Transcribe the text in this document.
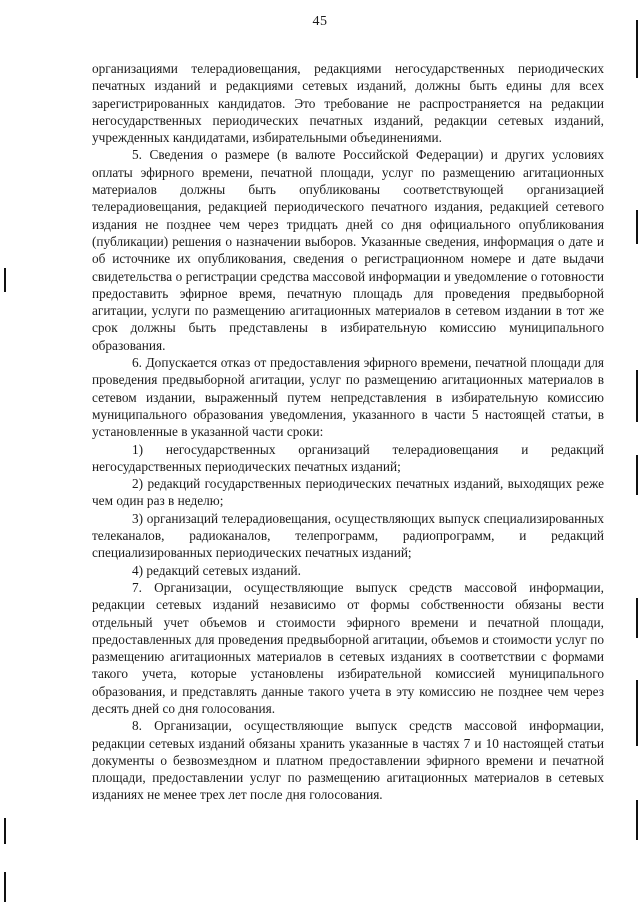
45

организациями телерадиовещания, редакциями негосударственных периодических печатных изданий и редакциями сетевых изданий, должны быть едины для всех зарегистрированных кандидатов. Это требование не распространяется на редакции негосударственных периодических печатных изданий, редакции сетевых изданий, учрежденных кандидатами, избирательными объединениями.

5. Сведения о размере (в валюте Российской Федерации) и других условиях оплаты эфирного времени, печатной площади, услуг по размещению агитационных материалов должны быть опубликованы соответствующей организацией телерадиовещания, редакцией периодического печатного издания, редакцией сетевого издания не позднее чем через тридцать дней со дня официального опубликования (публикации) решения о назначении выборов. Указанные сведения, информация о дате и об источнике их опубликования, сведения о регистрационном номере и дате выдачи свидетельства о регистрации средства массовой информации и уведомление о готовности предоставить эфирное время, печатную площадь для проведения предвыборной агитации, услуги по размещению агитационных материалов в сетевом издании в тот же срок должны быть представлены в избирательную комиссию муниципального образования.

6. Допускается отказ от предоставления эфирного времени, печатной площади для проведения предвыборной агитации, услуг по размещению агитационных материалов в сетевом издании, выраженный путем непредставления в избирательную комиссию муниципального образования уведомления, указанного в части 5 настоящей статьи, в установленные в указанной части сроки:

1) негосударственных организаций телерадиовещания и редакций негосударственных периодических печатных изданий;

2) редакций государственных периодических печатных изданий, выходящих реже чем один раз в неделю;

3) организаций телерадиовещания, осуществляющих выпуск специализированных телеканалов, радиоканалов, телепрограмм, радиопрограмм, и редакций специализированных периодических печатных изданий;

4) редакций сетевых изданий.

7. Организации, осуществляющие выпуск средств массовой информации, редакции сетевых изданий независимо от формы собственности обязаны вести отдельный учет объемов и стоимости эфирного времени и печатной площади, предоставленных для проведения предвыборной агитации, объемов и стоимости услуг по размещению агитационных материалов в сетевых изданиях в соответствии с формами такого учета, которые установлены избирательной комиссией муниципального образования, и представлять данные такого учета в эту комиссию не позднее чем через десять дней со дня голосования.

8. Организации, осуществляющие выпуск средств массовой информации, редакции сетевых изданий обязаны хранить указанные в частях 7 и 10 настоящей статьи документы о безвозмездном и платном предоставлении эфирного времени и печатной площади, предоставлении услуг по размещению агитационных материалов в сетевых изданиях не менее трех лет после дня голосования.
